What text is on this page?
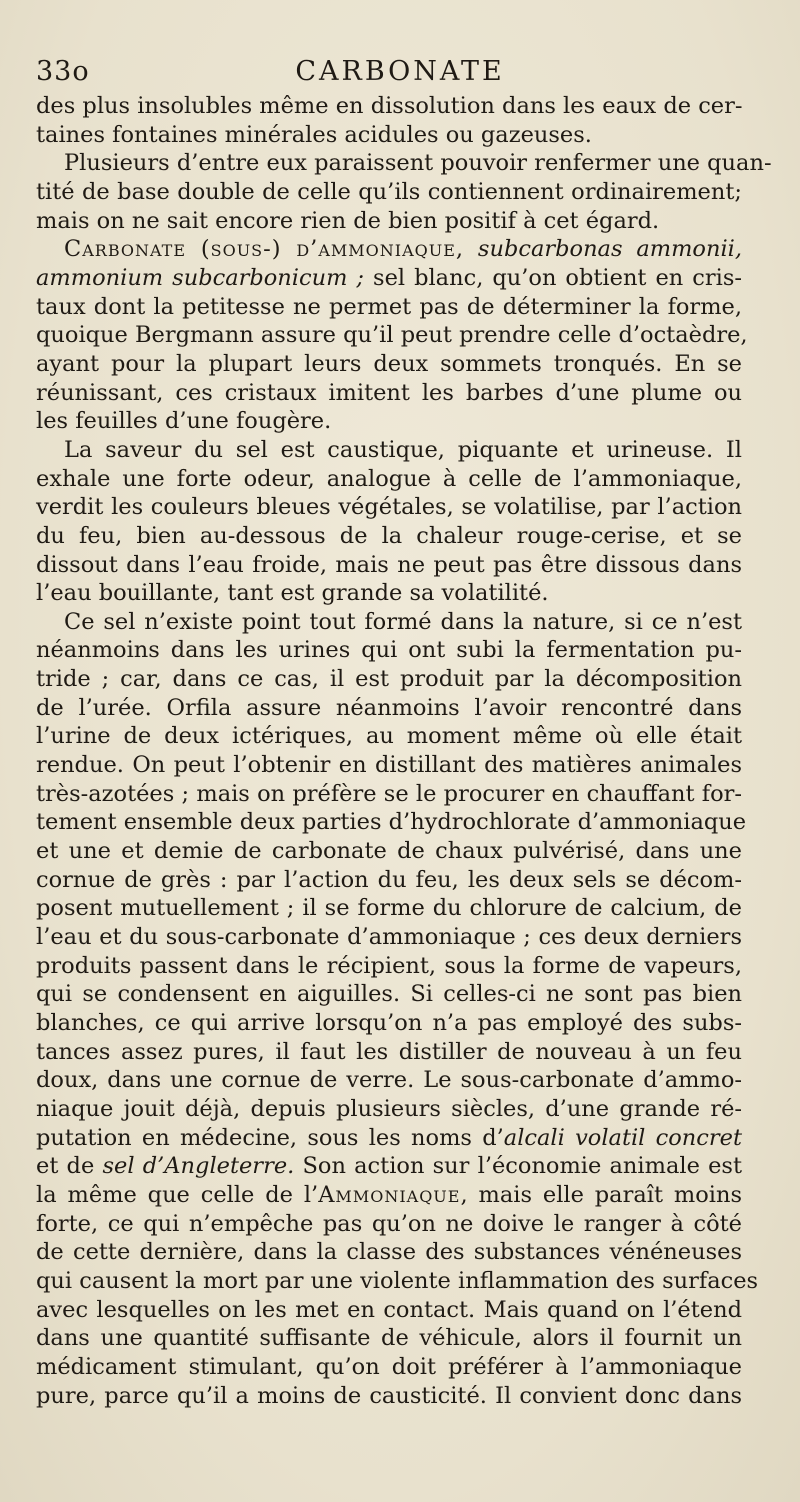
33o	CARBONATE
des plus insolubles même en dissolution dans les eaux de cer-
taines fontaines minérales acidules ou gazeuses.
Plusieurs d’entre eux paraissent pouvoir renfermer une quan-
tité de base double de celle qu’ils contiennent ordinairement;
mais on ne sait encore rien de bien positif à cet égard.
Carbonate (sous-) d’ammoniaque, subcarbonas ammonii,
ammonium subcarbonicum ; sel blanc, qu’on obtient en cris-
taux dont la petitesse ne permet pas de déterminer la forme,
quoique Bergmann assure qu’il peut prendre celle d’octaèdre,
ayant pour la plupart leurs deux sommets tronqués. En se
réunissant, ces cristaux imitent les barbes d’une plume ou
les feuilles d’une fougère.
La saveur du sel est caustique, piquante et urineuse. Il
exhale une forte odeur, analogue à celle de l’ammoniaque,
verdit les couleurs bleues végétales, se volatilise, par l’action
du feu, bien au-dessous de la chaleur rouge-cerise, et se
dissout dans l’eau froide, mais ne peut pas être dissous dans
l’eau bouillante, tant est grande sa volatilité.
Ce sel n’existe point tout formé dans la nature, si ce n’est
néanmoins dans les urines qui ont subi la fermentation pu-
tride ; car, dans ce cas, il est produit par la décomposition
de l’urée. Orfila assure néanmoins l’avoir rencontré dans
l’urine de deux ictériques, au moment même où elle était
rendue. On peut l’obtenir en distillant des matières animales
très-azotées ; mais on préfère se le procurer en chauffant for-
tement ensemble deux parties d’hydrochlorate d’ammoniaque
et une et demie de carbonate de chaux pulvérisé, dans une
cornue de grès : par l’action du feu, les deux sels se décom-
posent mutuellement ; il se forme du chlorure de calcium, de
l’eau et du sous-carbonate d’ammoniaque ; ces deux derniers
produits passent dans le récipient, sous la forme de vapeurs,
qui se condensent en aiguilles. Si celles-ci ne sont pas bien
blanches, ce qui arrive lorsqu’on n’a pas employé des subs-
tances assez pures, il faut les distiller de nouveau à un feu
doux, dans une cornue de verre. Le sous-carbonate d’ammo-
niaque jouit déjà, depuis plusieurs siècles, d’une grande ré-
putation en médecine, sous les noms d’alcali volatil concret
et de sel d’Angleterre. Son action sur l’économie animale est
la même que celle de l’Ammoniaque, mais elle paraît moins
forte, ce qui n’empêche pas qu’on ne doive le ranger à côté
de cette dernière, dans la classe des substances vénéneuses
qui causent la mort par une violente inflammation des surfaces
avec lesquelles on les met en contact. Mais quand on l’étend
dans une quantité suffisante de véhicule, alors il fournit un
médicament stimulant, qu’on doit préférer à l’ammoniaque
pure, parce qu’il a moins de causticité. Il convient donc dans
